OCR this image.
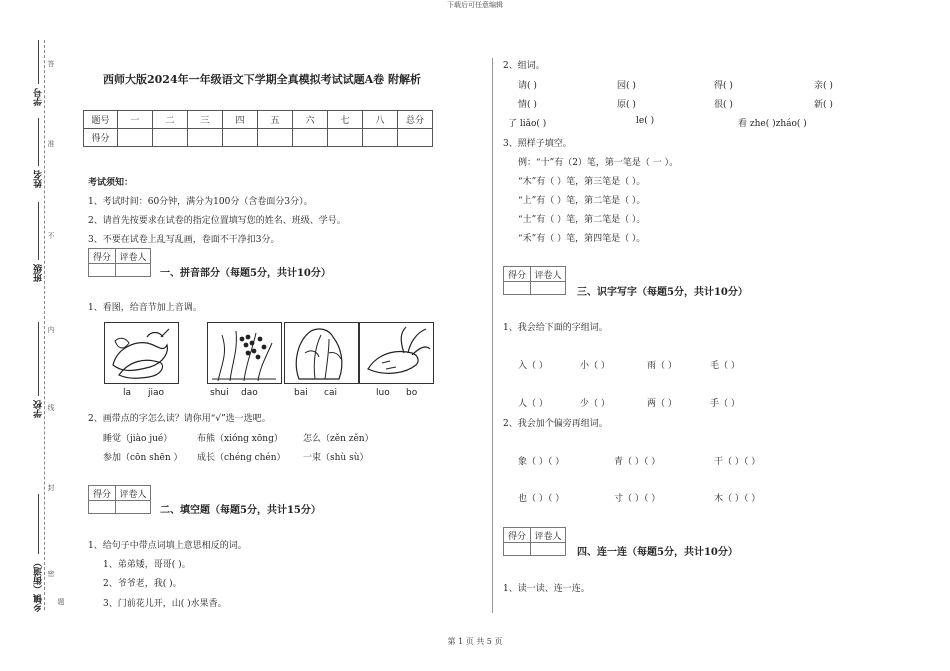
下载后可任意编辑
第 1 页 共 5 页
学号
姓名
班级
学校
乡镇（街道）
答
准
不
内
线
封
密
题
西师大版2024年一年级语文下学期全真模拟考试试题A卷 附解析
题号	一	二	三	四	五	六	七	八	总分
得分									
考试须知：
1、考试时间：60分钟，满分为100分（含卷面分3分）。
2、请首先按要求在试卷的指定位置填写您的姓名、班级、学号。
3、不要在试卷上乱写乱画，卷面不干净扣3分。
得分	评卷人

一、拼音部分（每题5分，共计10分）
1、看图，给音节加上音调。
la jiao	shui dao	bai cai	luo bo
2、画带点的字怎么读？请你用“√”选一选吧。
睡觉（jiào jué）	布熊（xióng xōng） 怎么（zěn zěn）
参加（cōn shēn ） 成长（chéng chén） 一束（shù sù）
得分	评卷人

二、填空题（每题5分，共计15分）
1、给句子中带点词填上意思相反的词。
1、弟弟矮，哥哥( )。
2、爷爷老，我( )。
3、门前花儿开，山( )水果香。
2、组词。
请( )	园( )	得( )	亲( )
情( )	原( )	很( )	新( )
了 liǎo( )	le( )	看 zhe( )zháo( )
3、照样子填空。
例：“十”有（2）笔，第一笔是（ 一 ）。
“木”有（ ）笔，第三笔是（ ）。
“上”有（ ）笔，第二笔是（ ）。
“土”有（ ）笔，第二笔是（ ）。
“禾”有（ ）笔，第四笔是（ ）。
得分	评卷人

三、识字写字（每题5分，共计10分）
1、我会给下面的字组词。
入（ ）	小（ ）	雨（ ）	毛（ ）
人（ ）	少（ ）	两（ ）	手（ ）
2、我会加个偏旁再组词。
象（ ）（ ）	青（ ）（ ）	干（ ）（ ）
也（ ）（ ）	寸（ ）（ ）	木（ ）（ ）
得分	评卷人

四、连一连（每题5分，共计10分）
1、读一读、连一连。
